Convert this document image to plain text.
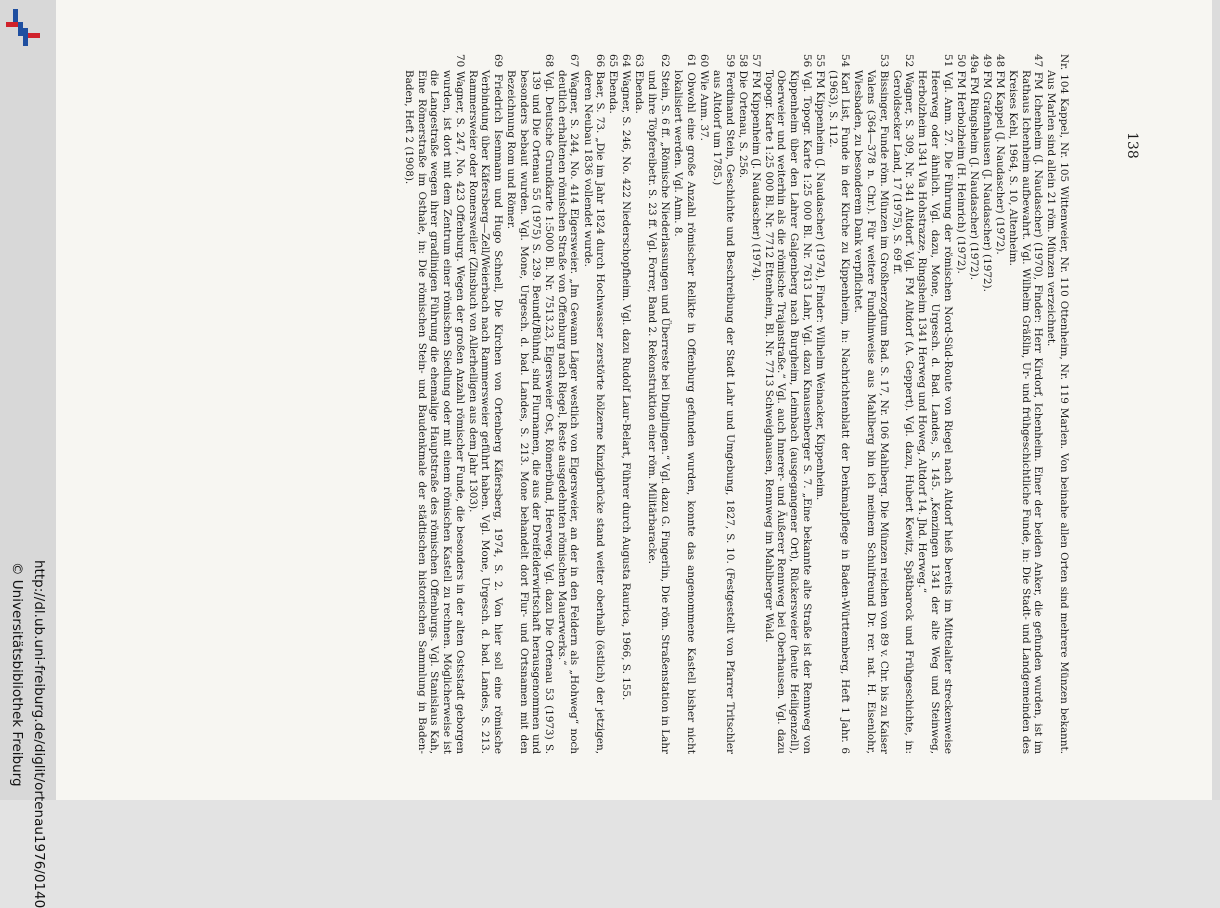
http://dl.ub.uni-freiburg.de/diglit/ortenau1976/0140
© Universitätsbibliothek Freiburg
138

Nr. 104 Kappel, Nr. 105 Wittenweier, Nr. 110 Ottenheim, Nr. 119 Marlen. Von beinahe allen Orten sind mehrere Münzen bekannt. Aus Marlen sind allein 21 röm. Münzen verzeichnet.

47 FM Ichenheim (J. Naudascher) (1970), Finder: Herr Kirdorf, Ichenheim. Einer der beiden Anker, die gefunden wurden, ist im Rathaus Ichenheim aufbewahrt. Vgl. Wilhelm Gräßlin, Ur- und frühgeschichtliche Funde, in: Die Stadt- und Landgemeinden des Kreises Kehl, 1964, S. 10, Altenheim.

48 FM Kappel (J. Naudascher) (1972).

49 FM Grafenhausen (J. Naudascher) (1972).

49a FM Ringsheim (J. Naudascher) (1972).

50 FM Herbolzheim (H. Heinrich) (1972).

51 Vgl. Anm. 27. Die Führung der römischen Nord-Süd-Route von Riegel nach Altdorf hieß bereits im Mittelalter streckenweise Heerweg oder ähnlich. Vgl. dazu, Mone, Urgesch. d. Bad. Landes, S. 145. „Kenzingen 1341 der alte Weg und Steinweg, Herbolzheim 1341 Via Hohstrazze, Ringsheim 1341 Herweg und Howeg, Altdorf 14. Jhd. Herweg.“

52 Wagner, S. 309, Nr. 341 Altdorf. Vgl. FM Altdorf (A. Geppert). Vgl. dazu, Hubert Kewitz, Spätbarock und Frühgeschichte, in: Geroldsecker Land, 17 (1975), S. 69 ff.

53 Bissinger, Funde röm. Münzen im Großherzogtum Bad. S. 17, Nr. 106 Mahlberg. Die Münzen reichen von 89 v. Chr. bis zu Kaiser Valens (364—378 n. Chr.). Für weitere Fundhinweise aus Mahlberg bin ich meinem Schulfreund Dr. rer. nat. H. Eisenlohr, Wiesbaden, zu besonderem Dank verpflichtet.

54 Karl List, Funde in der Kirche zu Kippenheim, in: Nachrichtenblatt der Denkmalpflege in Baden-Württemberg, Heft 1 Jahr. 6 (1963), S. 112.

55 FM Kippenheim (J. Naudascher) (1974), Finder: Wilhelm Weinacker, Kippenheim.

56 Vgl. Topogr. Karte 1:25 000 Bl. Nr. 7613 Lahr, Vgl. dazu Knausenberger S. 7. „Eine bekannte alte Straße ist der Rennweg von Kippenheim über den Lahrer Galgenberg nach Burgheim, Leimbach (ausgegangener Ort), Rückersweier (heute Heiligenzell), Oberweier und weiterhin als die römische Trajanstraße.“ Vgl. auch Innerer- und Äußerer Rennweg bei Oberhausen. Vgl. dazu Topogr. Karte 1:25 000 Bl. Nr. 7712 Ettenheim, Bl. Nr. 7713 Schweighausen, Rennweg im Mahlberger Wald.

57 FM Kippenheim (J. Naudascher) (1974).

58 Die Ortenau, S. 256.

59 Ferdinand Stein, Geschichte und Beschreibung der Stadt Lahr und Umgebung, 1827, S. 10. (Festgestellt von Pfarrer Tritschler aus Altdorf um 1785.)

60 Wie Anm. 37.

61 Obwohl eine große Anzahl römischer Relikte in Offenburg gefunden wurden, konnte das angenommene Kastell bisher nicht lokalisiert werden. Vgl. Anm. 8.

62 Stein, S. 6 ff. „Römische Niederlassungen und Überreste bei Dinglingen.“ Vgl. dazu G. Fingerlin, Die röm. Straßenstation in Lahr und ihre Töpfereibetr. S. 23 ff. Vgl. Forrer, Band 2. Rekonstruktion einer röm. Militärbaracke.

63 Ebenda.

64 Wagner, S. 246, No. 422 Niederschopfheim. Vgl. dazu Rudolf Laur-Belart, Führer durch Augusta Raurica, 1966, S. 155.

65 Ebenda.

66 Baer, S. 73. „Die im Jahr 1824 durch Hochwasser zerstörte hölzerne Kinzigbrücke stand weiter oberhalb (östlich) der jetzigen, deren Neubau 1836 vollendet wurde.

67 Wagner, S. 244, No. 414 Elgersweier. „Im Gewann Läger westlich von Elgersweier, an der in den Feldern als „Hohweg“ noch deutlich erhaltenen römischen Straße von Offenburg nach Riegel, Reste ausgedehnten römischen Mauerwerks.“

68 Vgl. Deutsche Grundkarte 1:5000 Bl. Nr. 7513.23, Elgersweier Ost, Römerbünd, Heerweg. Vgl. dazu Die Ortenau 53 (1973) S. 139 und Die Ortenau 55 (1975) S. 239. Beundt/Bühnd, sind Flurnamen, die aus der Dreifelderwirtschaft herausgenommen und besonders bebaut wurden. Vgl. Mone, Urgesch. d. bad. Landes, S. 213. Mone behandelt dort Flur- und Ortsnamen mit den Bezeichnung Rom und Römer.

69 Friedrich Isenmann und Hugo Schnell, Die Kirchen von Ortenberg Käfersberg, 1974, S. 2. Von hier soll eine römische Verbindung über Käfersberg—Zell/Weierbach nach Rammersweier geführt haben. Vgl. Mone, Urgesch. d. bad. Landes, S. 213. Rammersweier oder Romersweiler (Zinsbuch von Allerheiligen aus dem Jahr 1303).

70 Wagner, S. 247, No. 423 Offenburg. Wegen der großen Anzahl römischer Funde, die besonders in der alten Ostsstadt geborgen wurden, ist dort mit dem Zentrum einer römischen Siedlung oder mit einem römischen Kastell zu rechnen. Möglicherweise ist die Langestraße wegen ihrer gradlinigen Führung die ehemalige Hauptstraße des römischen Offenburgs. Vgl. Stanislaus Kah, Eine Römerstraße im Osthale, in: Die römischen Stein- und Baudenkmale der städtischen historischen Sammlung in Baden-Baden, Heft 2 (1908).
